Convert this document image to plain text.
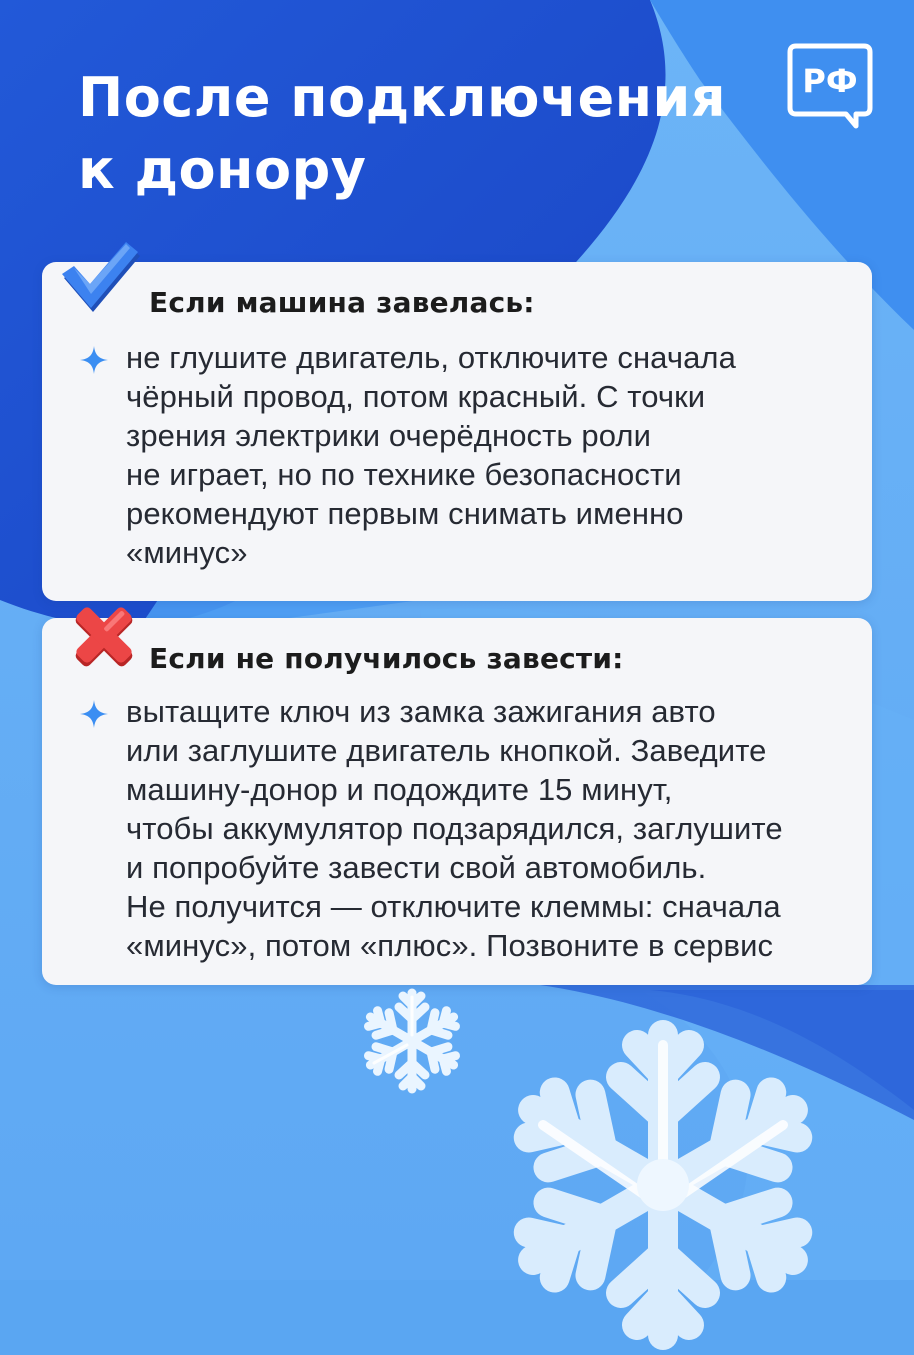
После подключения
к донору
РФ
Если машина завелась:

не глушите двигатель, отключите сначала
чёрный провод, потом красный. С точки
зрения электрики очерёдность роли
не играет, но по технике безопасности
рекомендуют первым снимать именно
«минус»

Если не получилось завести:

вытащите ключ из замка зажигания авто
или заглушите двигатель кнопкой. Заведите
машину-донор и подождите 15 минут,
чтобы аккумулятор подзарядился, заглушите
и попробуйте завести свой автомобиль.
Не получится — отключите клеммы: сначала
«минус», потом «плюс». Позвоните в сервис
